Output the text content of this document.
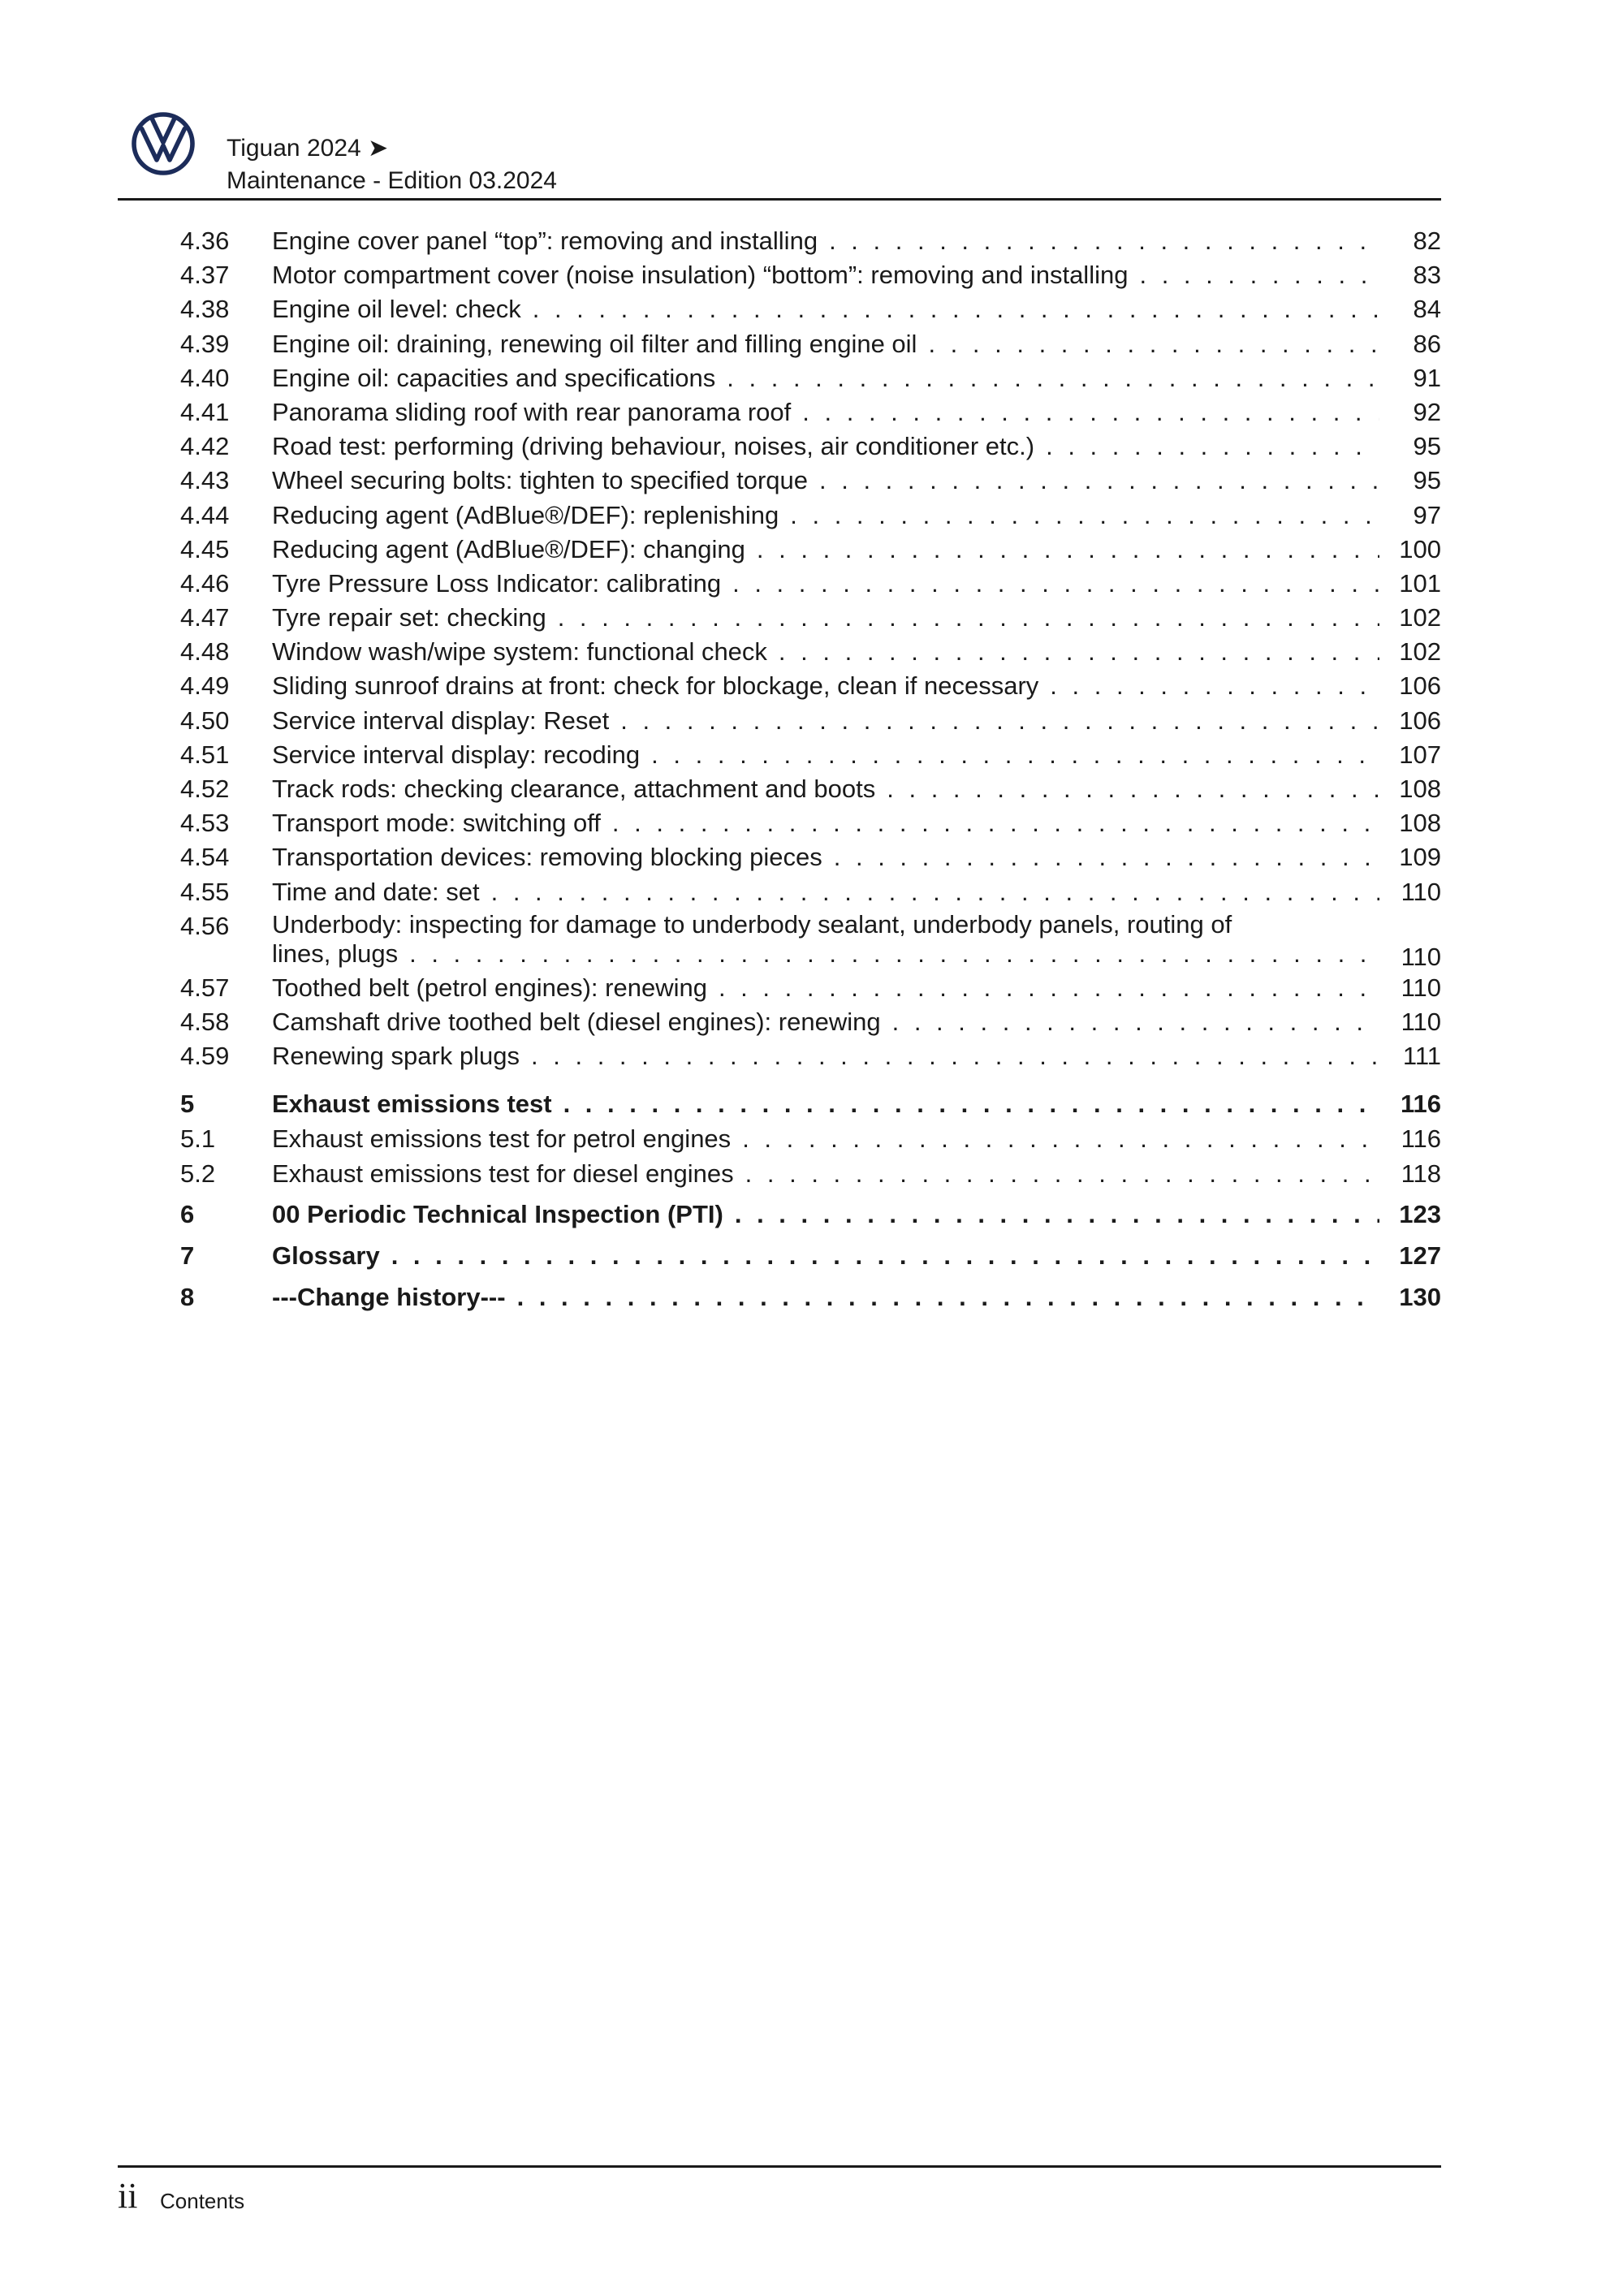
Tiguan 2024 ➤
Maintenance - Edition 03.2024
4.36 Engine cover panel “top”: removing and installing . . .	82
4.37 Motor compartment cover (noise insulation) “bottom”: removing and installing . . .	83
4.38 Engine oil level: check . . .	84
4.39 Engine oil: draining, renewing oil filter and filling engine oil . . .	86
4.40 Engine oil: capacities and specifications . . .	91
4.41 Panorama sliding roof with rear panorama roof . . .	92
4.42 Road test: performing (driving behaviour, noises, air conditioner etc.) . . .	95
4.43 Wheel securing bolts: tighten to specified torque . . .	95
4.44 Reducing agent (AdBlue®/DEF): replenishing . . .	97
4.45 Reducing agent (AdBlue®/DEF): changing . . .	100
4.46 Tyre Pressure Loss Indicator: calibrating . . .	101
4.47 Tyre repair set: checking . . .	102
4.48 Window wash/wipe system: functional check . . .	102
4.49 Sliding sunroof drains at front: check for blockage, clean if necessary . . .	106
4.50 Service interval display: Reset . . .	106
4.51 Service interval display: recoding . . .	107
4.52 Track rods: checking clearance, attachment and boots . . .	108
4.53 Transport mode: switching off . . .	108
4.54 Transportation devices: removing blocking pieces . . .	109
4.55 Time and date: set . . .	110
4.56 Underbody: inspecting for damage to underbody sealant, underbody panels, routing of
lines, plugs . . .	110
4.57 Toothed belt (petrol engines): renewing . . .	110
4.58 Camshaft drive toothed belt (diesel engines): renewing . . .	110
4.59 Renewing spark plugs . . .	111
5	Exhaust emissions test . . .	116
5.1 Exhaust emissions test for petrol engines . . .	116
5.2 Exhaust emissions test for diesel engines . . .	118
6	00 Periodic Technical Inspection (PTI) . . .	123
7	Glossary . . .	127
8	---Change history--- . . .	130
ii Contents
